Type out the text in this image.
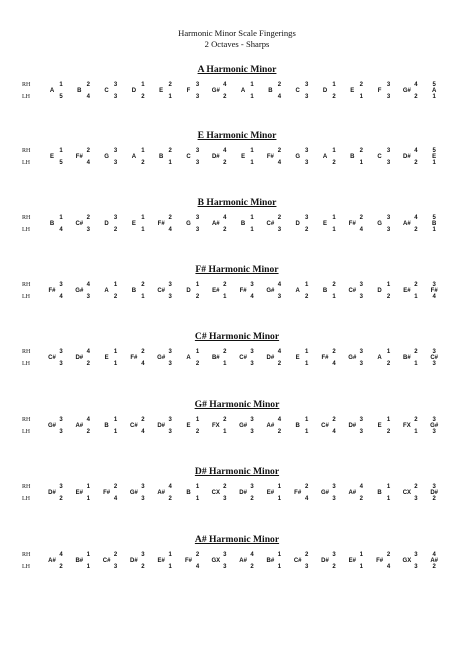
Harmonic Minor Scale Fingerings
2 Octaves - Sharps
A Harmonic Minor
RH	1	2	3	1	2	3	4	1	2	3	1	2	3	4	5
A	B	C	D	E	F	G#	A	B	C	D	E	F	G#	A
LH	5	4	3	2	1	3	2	1	4	3	2	1	3	2	1
E Harmonic Minor
RH	1	2	3	1	2	3	4	1	2	3	1	2	3	4	5
E	F#	G	A	B	C	D#	E	F#	G	A	B	C	D#	E
LH	5	4	3	2	1	3	2	1	4	3	2	1	3	2	1
B Harmonic Minor
RH	1	2	3	1	2	3	4	1	2	3	1	2	3	4	5
B	C#	D	E	F#	G	A#	B	C#	D	E	F#	G	A#	B
LH	4	3	2	1	4	3	2	1	3	2	1	4	3	2	1
F# Harmonic Minor
RH	3	4	1	2	3	1	2	3	4	1	2	3	1	2	3
F#	G#	A	B	C#	D	E#	F#	G#	A	B	C#	D	E#	F#
LH	4	3	2	1	3	2	1	4	3	2	1	3	2	1	4
C# Harmonic Minor
RH	3	4	1	2	3	1	2	3	4	1	2	3	1	2	3
C#	D#	E	F#	G#	A	B#	C#	D#	E	F#	G#	A	B#	C#
LH	3	2	1	4	3	2	1	3	2	1	4	3	2	1	3
G# Harmonic Minor
RH	3	4	1	2	3	1	2	3	4	1	2	3	1	2	3
G#	A#	B	C#	D#	E	FX	G#	A#	B	C#	D#	E	FX	G#
LH	3	2	1	4	3	2	1	3	2	1	4	3	2	1	3
D# Harmonic Minor
RH	3	1	2	3	4	1	2	3	1	2	3	4	1	2	3
D#	E#	F#	G#	A#	B	CX	D#	E#	F#	G#	A#	B	CX	D#
LH	2	1	4	3	2	1	3	2	1	4	3	2	1	3	2
A# Harmonic Minor
RH	4	1	2	3	1	2	3	4	1	2	3	1	2	3	4
A#	B#	C#	D#	E#	F#	GX	A#	B#	C#	D#	E#	F#	GX	A#
LH	2	1	3	2	1	4	3	2	1	3	2	1	4	3	2
